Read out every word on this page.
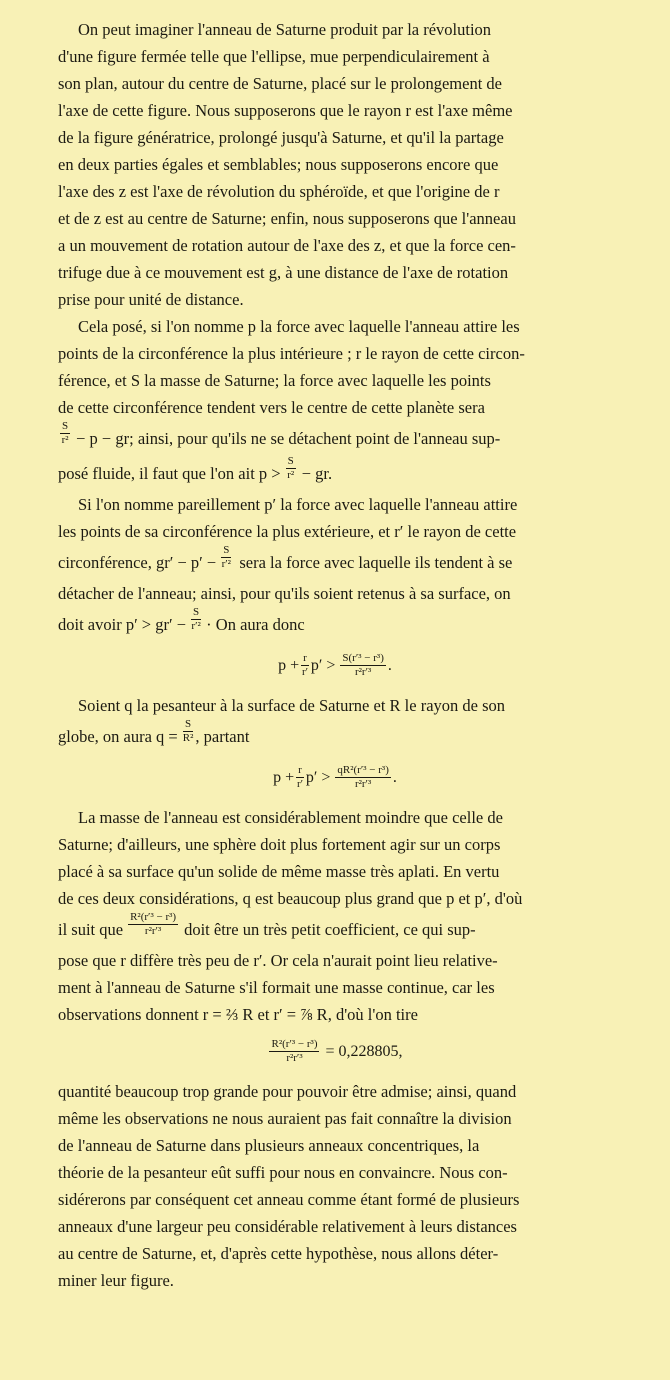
On peut imaginer l'anneau de Saturne produit par la révolution
d'une figure fermée telle que l'ellipse, mue perpendiculairement à
son plan, autour du centre de Saturne, placé sur le prolongement de
l'axe de cette figure. Nous supposerons que le rayon r est l'axe même
de la figure génératrice, prolongé jusqu'à Saturne, et qu'il la partage
en deux parties égales et semblables; nous supposerons encore que
l'axe des z est l'axe de révolution du sphéroïde, et que l'origine de r
et de z est au centre de Saturne; enfin, nous supposerons que l'anneau
a un mouvement de rotation autour de l'axe des z, et que la force cen-
trifuge due à ce mouvement est g, à une distance de l'axe de rotation
prise pour unité de distance.
Cela posé, si l'on nomme p la force avec laquelle l'anneau attire les
points de la circonférence la plus intérieure ; r le rayon de cette circon-
férence, et S la masse de Saturne; la force avec laquelle les points
de cette circonférence tendent vers le centre de cette planète sera
$\frac{S}{\text{r²}} - p$ − gr; ainsi, pour qu'ils ne se détachent point de l'anneau sup-
posé fluide, il faut que l'on ait $p > \frac{S}{\text{r²}}$ − gr.
Si l'on nomme pareillement p′ la force avec laquelle l'anneau attire
les points de sa circonférence la plus extérieure, et r′ le rayon de cette
circonférence, $gr' - p' - \frac{S}{\text{r′²}}$ sera la force avec laquelle ils tendent à se
détacher de l'anneau; ainsi, pour qu'ils soient retenus à sa surface, on
doit avoir $p' > gr' - \frac{S}{\text{r′²}} \cdot On$ aura donc
$p + \frac{r}{r'} p' > \frac{\text{S(r′³ − r³)}}{\text{r²r′³}}$ .
Soient q la pesanteur à la surface de Saturne et R le rayon de son
globe, on aura $q = \frac{S}{\text{R²}}$ , partant
$p + \frac{r}{r'} p' > \frac{\text{qR²(r′³ − r³)}}{\text{r²r′³}}$ .
La masse de l'anneau est considérablement moindre que celle de
Saturne; d'ailleurs, une sphère doit plus fortement agir sur un corps
placé à sa surface qu'un solide de même masse très aplati. En vertu
de ces deux considérations, q est beaucoup plus grand que p et p′, d'où
il suit que $\frac{\text{R²(r′³ − r³)}}{\text{r²r′³}}$ doit être un très petit coefficient, ce qui sup-
pose que r diffère très peu de r′. Or cela n'aurait point lieu relative-
ment à l'anneau de Saturne s'il formait une masse continue, car les
observations donnent r = ⅔ R et r′ = ⅞ R, d'où l'on tire
$\frac{\text{R²(r′³ − r³)}}{\text{r²r′³}} = 0,228805$,
quantité beaucoup trop grande pour pouvoir être admise; ainsi, quand
même les observations ne nous auraient pas fait connaître la division
de l'anneau de Saturne dans plusieurs anneaux concentriques, la
théorie de la pesanteur eût suffi pour nous en convaincre. Nous con-
sidérerons par conséquent cet anneau comme étant formé de plusieurs
anneaux d'une largeur peu considérable relativement à leurs distances
au centre de Saturne, et, d'après cette hypothèse, nous allons déter-
miner leur figure.
